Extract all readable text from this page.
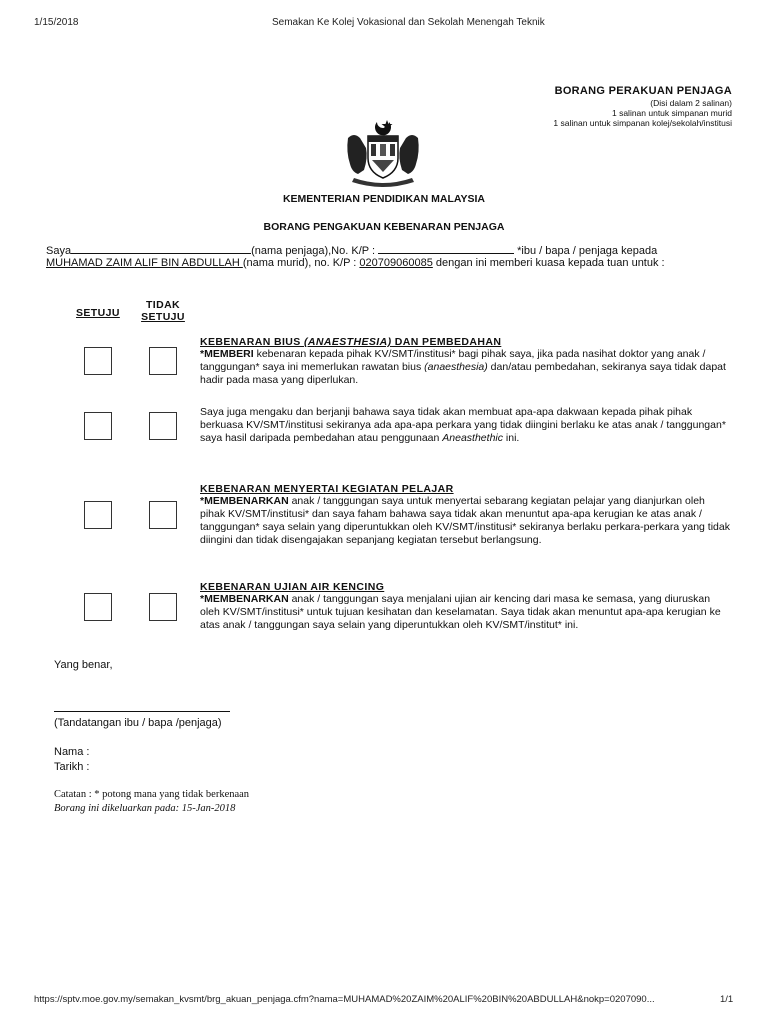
1/15/2018	Semakan Ke Kolej Vokasional dan Sekolah Menengah Teknik
BORANG PERAKUAN PENJAGA
(Disi dalam 2 salinan)
1 salinan untuk simpanan murid
1 salinan untuk simpanan kolej/sekolah/institusi
KEMENTERIAN PENDIDIKAN MALAYSIA
BORANG PENGAKUAN KEBENARAN PENJAGA
Saya	(nama penjaga),No. K/P :	*ibu / bapa / penjaga kepada
MUHAMAD ZAIM ALIF BIN ABDULLAH (nama murid), no. K/P : 020709060085 dengan ini memberi kuasa kepada tuan untuk :
SETUJU
TIDAK
SETUJU
KEBENARAN BIUS (ANAESTHESIA) DAN PEMBEDAHAN
*MEMBERI kebenaran kepada pihak KV/SMT/institusi* bagi pihak saya, jika pada nasihat doktor yang anak / tanggungan* saya ini memerlukan rawatan bius (anaesthesia) dan/atau pembedahan, sekiranya saya tidak dapat hadir pada masa yang diperlukan.
Saya juga mengaku dan berjanji bahawa saya tidak akan membuat apa-apa dakwaan kepada pihak pihak berkuasa KV/SMT/institusi sekiranya ada apa-apa perkara yang tidak diingini berlaku ke atas anak / tanggungan* saya hasil daripada pembedahan atau penggunaan Aneasthethic ini.
KEBENARAN MENYERTAI KEGIATAN PELAJAR
*MEMBENARKAN anak / tanggungan saya untuk menyertai sebarang kegiatan pelajar yang dianjurkan oleh pihak KV/SMT/institusi* dan saya faham bahawa saya tidak akan menuntut apa-apa kerugian ke atas anak / tanggungan* saya selain yang diperuntukkan oleh KV/SMT/institusi* sekiranya berlaku perkara-perkara yang tidak diingini dan tidak disengajakan sepanjang kegiatan tersebut berlangsung.
KEBENARAN UJIAN AIR KENCING
*MEMBENARKAN anak / tanggungan saya menjalani ujian air kencing dari masa ke semasa, yang diuruskan oleh KV/SMT/institusi* untuk tujuan kesihatan dan keselamatan. Saya tidak akan menuntut apa-apa kerugian ke atas anak / tanggungan saya selain yang diperuntukkan oleh KV/SMT/institut* ini.
Yang benar,
(Tandatangan ibu / bapa /penjaga)
Nama :
Tarikh :
Catatan : * potong mana yang tidak berkenaan
Borang ini dikeluarkan pada: 15-Jan-2018
https://sptv.moe.gov.my/semakan_kvsmt/brg_akuan_penjaga.cfm?nama=MUHAMAD%20ZAIM%20ALIF%20BIN%20ABDULLAH&nokp=0207090...	1/1
